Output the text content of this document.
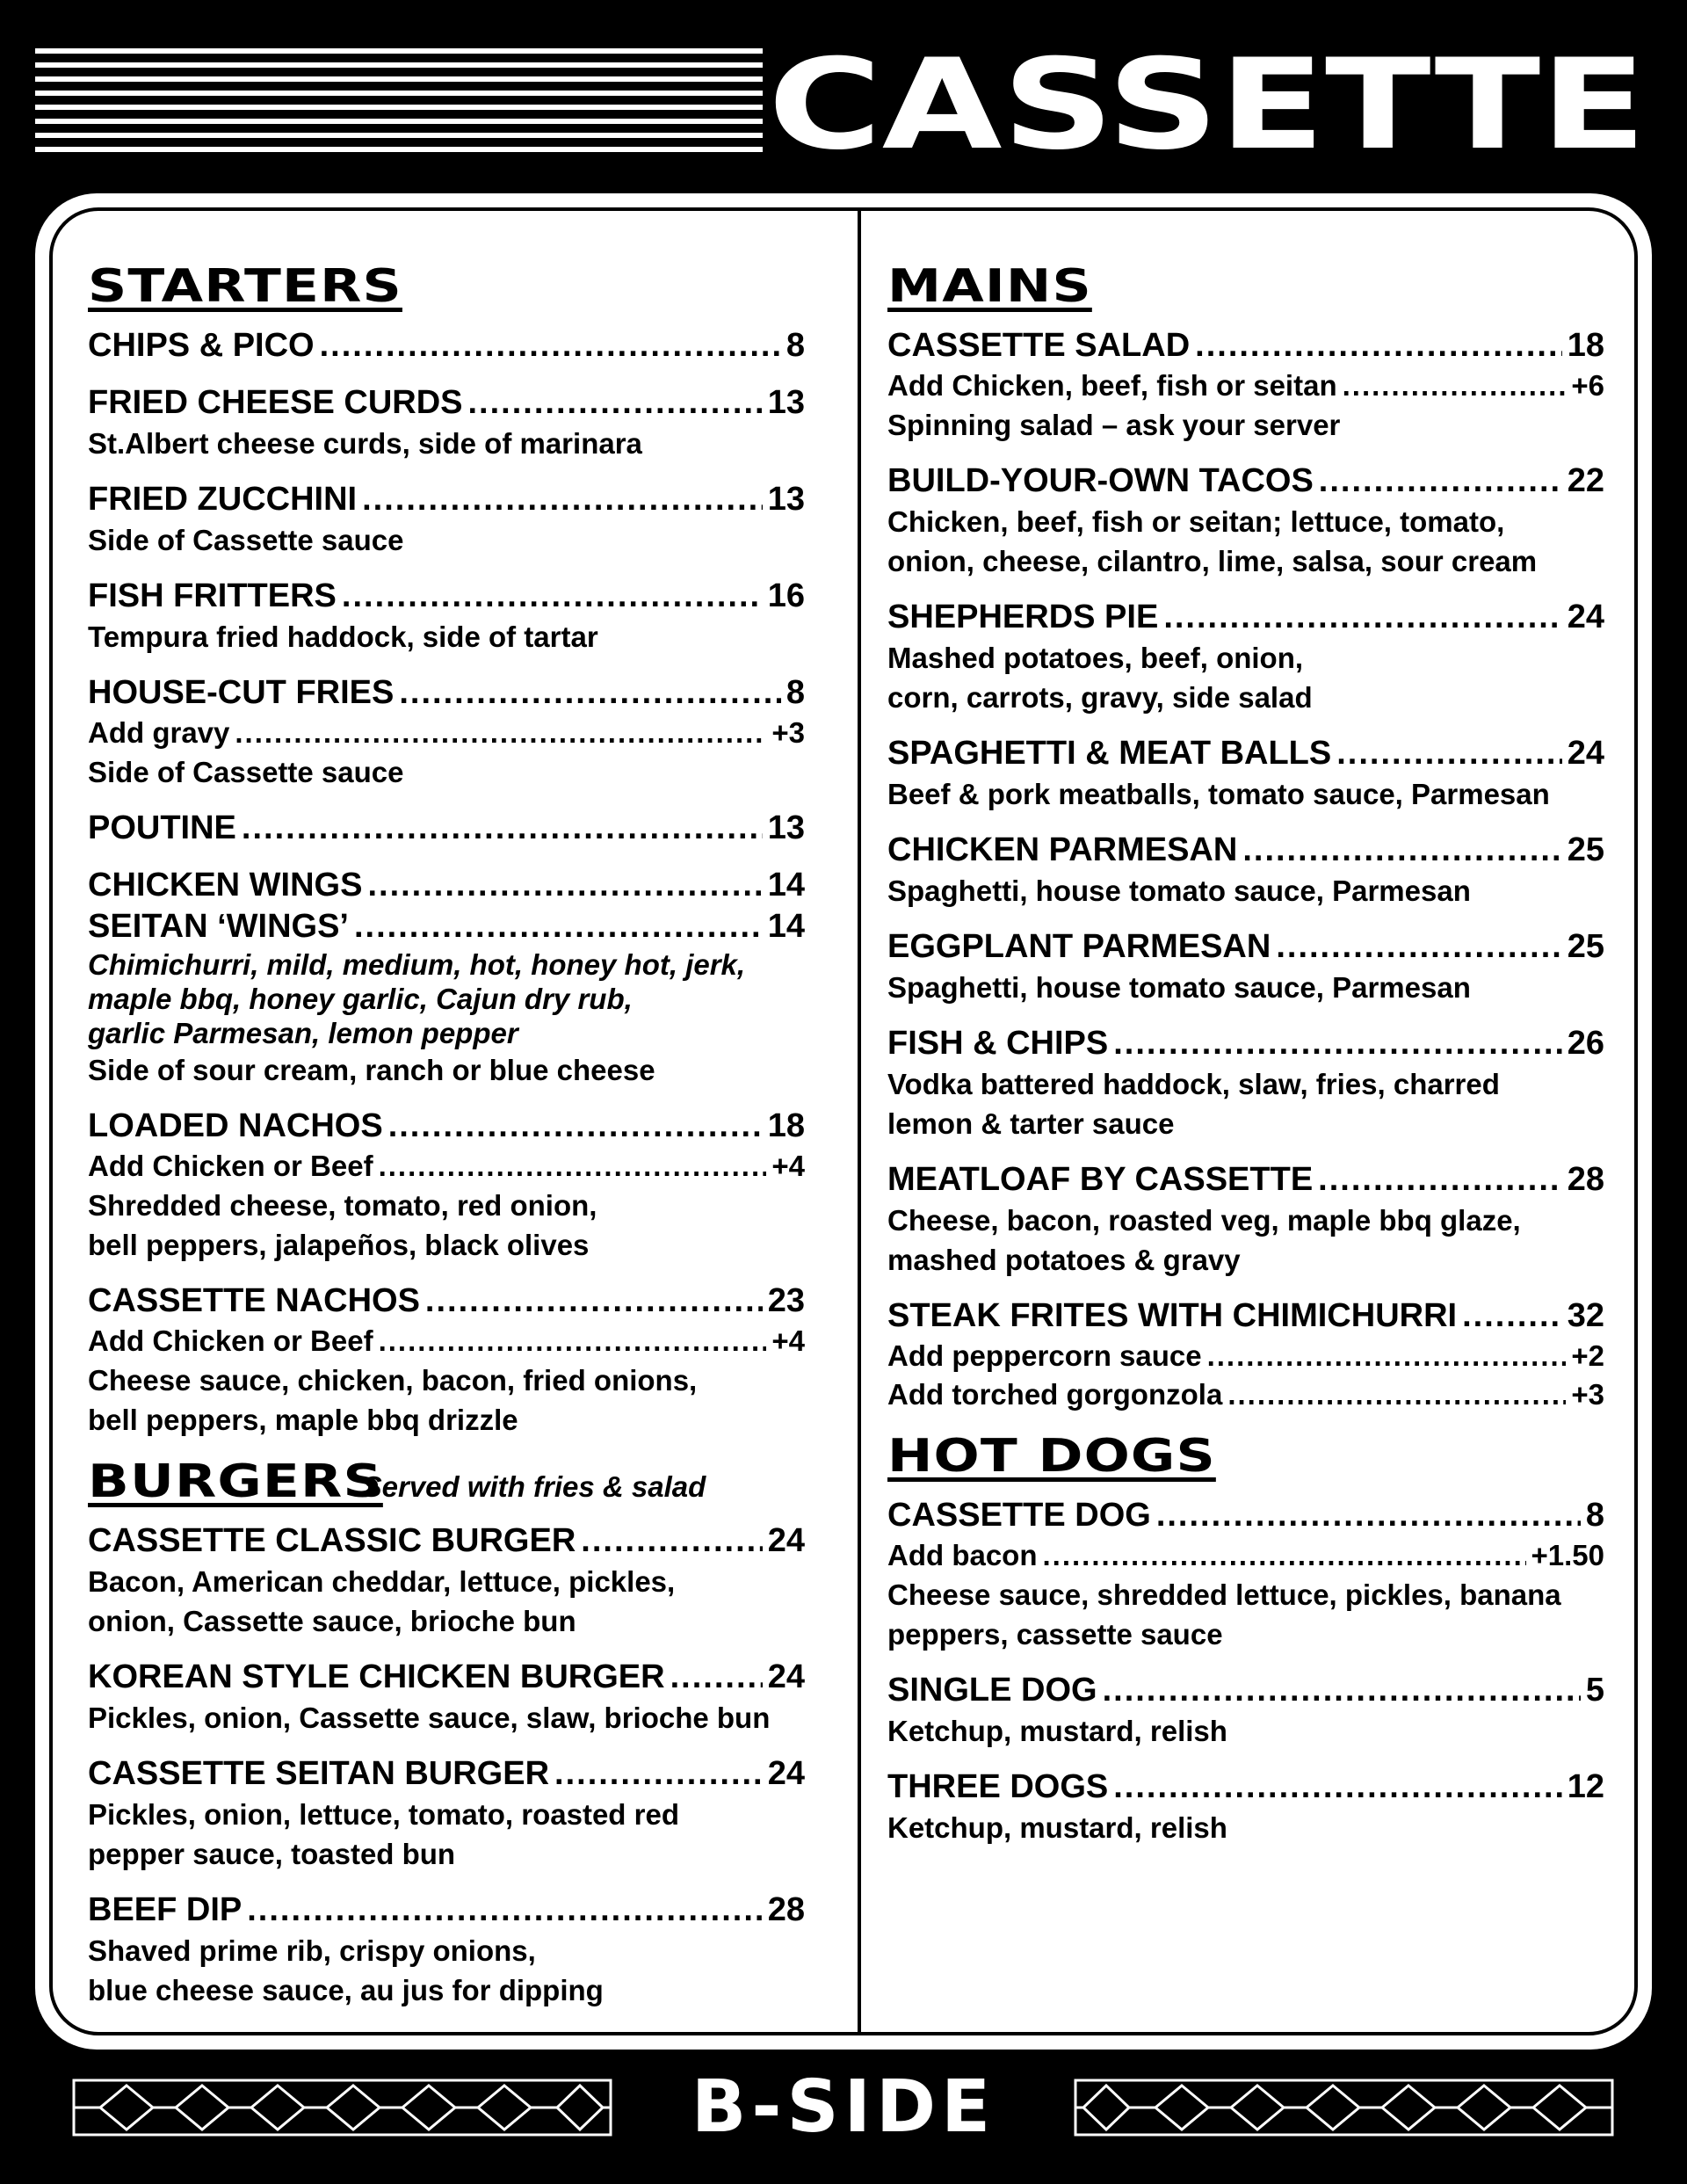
CASSETTE
STARTERS
CHIPS & PICO .....	8
FRIED CHEESE CURDS .....	13
St.Albert cheese curds, side of marinara
FRIED ZUCCHINI .....	13
Side of Cassette sauce
FISH FRITTERS .....	16
Tempura fried haddock, side of tartar
HOUSE-CUT FRIES .....	8
Add gravy .....	+3
Side of Cassette sauce
POUTINE .....	13
CHICKEN WINGS .....	14
SEITAN ‘WINGS’ .....	14
Chimichurri, mild, medium, hot, honey hot, jerk,
maple bbq, honey garlic, Cajun dry rub,
garlic Parmesan, lemon pepper
Side of sour cream, ranch or blue cheese
LOADED NACHOS .....	18
Add Chicken or Beef .....	+4
Shredded cheese, tomato, red onion,
bell peppers, jalapeños, black olives
CASSETTE NACHOS .....	23
Add Chicken or Beef .....	+4
Cheese sauce, chicken, bacon, fried onions,
bell peppers, maple bbq drizzle
BURGERS
Served with fries & salad
CASSETTE CLASSIC BURGER .....	24
Bacon, American cheddar, lettuce, pickles,
onion, Cassette sauce, brioche bun
KOREAN STYLE CHICKEN BURGER .....	24
Pickles, onion, Cassette sauce, slaw, brioche bun
CASSETTE SEITAN BURGER .....	24
Pickles, onion, lettuce, tomato, roasted red
pepper sauce, toasted bun
BEEF DIP .....	28
Shaved prime rib, crispy onions,
blue cheese sauce, au jus for dipping
MAINS
CASSETTE SALAD .....	18
Add Chicken, beef, fish or seitan .....	+6
Spinning salad – ask your server
BUILD-YOUR-OWN TACOS .....	22
Chicken, beef, fish or seitan; lettuce, tomato,
onion, cheese, cilantro, lime, salsa, sour cream
SHEPHERDS PIE .....	24
Mashed potatoes, beef, onion,
corn, carrots, gravy, side salad
SPAGHETTI & MEAT BALLS .....	24
Beef & pork meatballs, tomato sauce, Parmesan
CHICKEN PARMESAN .....	25
Spaghetti, house tomato sauce, Parmesan
EGGPLANT PARMESAN .....	25
Spaghetti, house tomato sauce, Parmesan
FISH & CHIPS .....	26
Vodka battered haddock, slaw, fries, charred
lemon & tarter sauce
MEATLOAF BY CASSETTE .....	28
Cheese, bacon, roasted veg, maple bbq glaze,
mashed potatoes & gravy
STEAK FRITES WITH CHIMICHURRI .....	32
Add peppercorn sauce .....	+2
Add torched gorgonzola .....	+3
HOT DOGS
CASSETTE DOG .....	8
Add bacon .....	+1.50
Cheese sauce, shredded lettuce, pickles, banana
peppers, cassette sauce
SINGLE DOG .....	5
Ketchup, mustard, relish
THREE DOGS .....	12
Ketchup, mustard, relish
B-SIDE
